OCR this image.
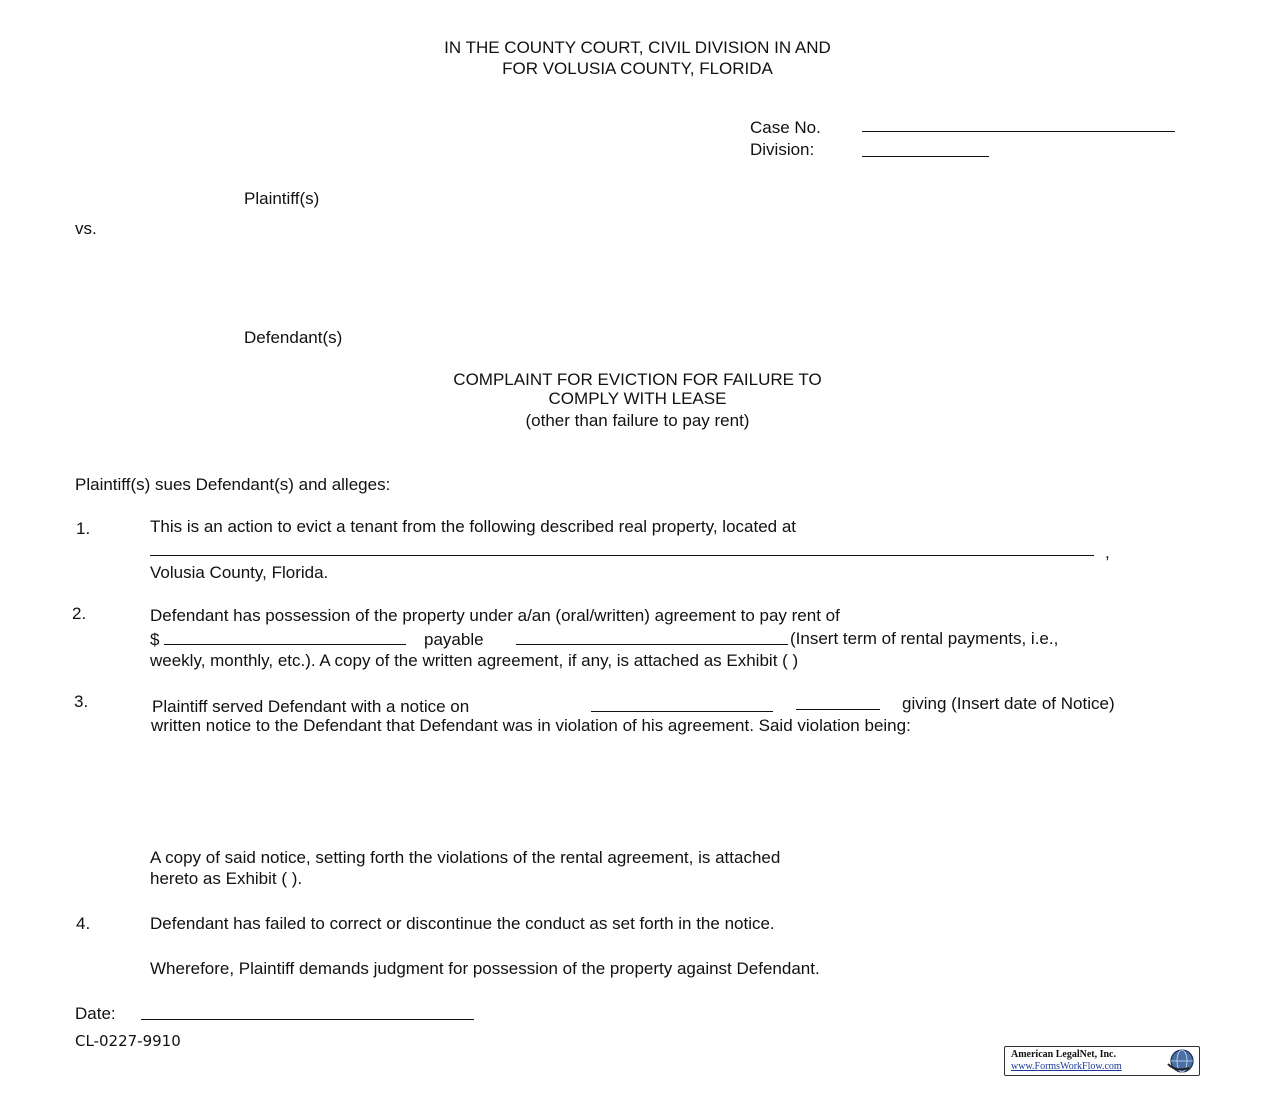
IN THE COUNTY COURT, CIVIL DIVISION IN AND
FOR VOLUSIA COUNTY, FLORIDA
Case No.
Division:
Plaintiff(s)
vs.
Defendant(s)
COMPLAINT FOR EVICTION FOR FAILURE TO
COMPLY WITH LEASE
(other than failure to pay rent)
Plaintiff(s) sues Defendant(s) and alleges:
1.	This is an action to evict a tenant from the following described real property, located at
,
Volusia County, Florida.
2.	Defendant has possession of the property under a/an (oral/written) agreement to pay rent of
$	payable	(Insert term of rental payments, i.e.,
weekly, monthly, etc.). A copy of the written agreement, if any, is attached as Exhibit ( )
3.	Plaintiff served Defendant with a notice on	giving (Insert date of Notice)
written notice to the Defendant that Defendant was in violation of his agreement. Said violation being:
A copy of said notice, setting forth the violations of the rental agreement, is attached
hereto as Exhibit ( ).
4.	Defendant has failed to correct or discontinue the conduct as set forth in the notice.
Wherefore, Plaintiff demands judgment for possession of the property against Defendant.
Date:
CL-0227-9910
American LegalNet, Inc.
www.FormsWorkFlow.com
